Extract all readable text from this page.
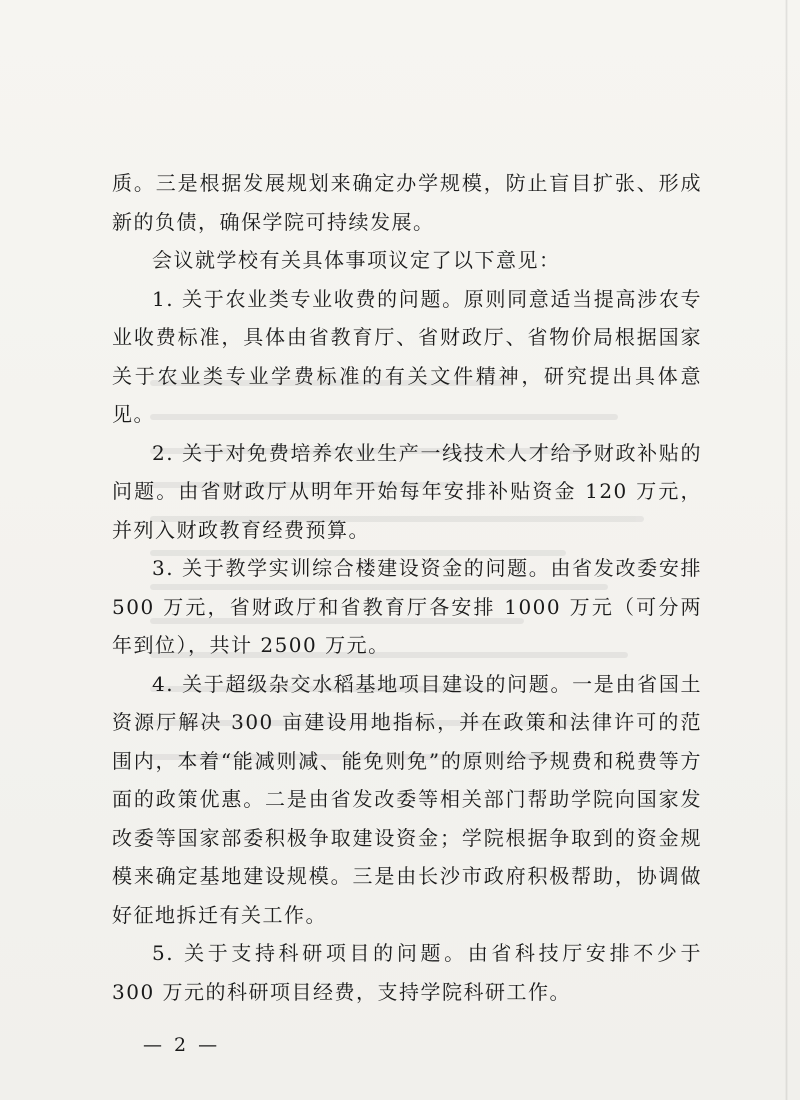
质。三是根据发展规划来确定办学规模，防止盲目扩张、形成新的负债，确保学院可持续发展。

会议就学校有关具体事项议定了以下意见：

1. 关于农业类专业收费的问题。原则同意适当提高涉农专业收费标准，具体由省教育厅、省财政厅、省物价局根据国家关于农业类专业学费标准的有关文件精神，研究提出具体意见。

2. 关于对免费培养农业生产一线技术人才给予财政补贴的问题。由省财政厅从明年开始每年安排补贴资金 120 万元，并列入财政教育经费预算。

3. 关于教学实训综合楼建设资金的问题。由省发改委安排 500 万元，省财政厅和省教育厅各安排 1000 万元（可分两年到位），共计 2500 万元。

4. 关于超级杂交水稻基地项目建设的问题。一是由省国土资源厅解决 300 亩建设用地指标，并在政策和法律许可的范围内，本着“能减则减、能免则免”的原则给予规费和税费等方面的政策优惠。二是由省发改委等相关部门帮助学院向国家发改委等国家部委积极争取建设资金；学院根据争取到的资金规模来确定基地建设规模。三是由长沙市政府积极帮助，协调做好征地拆迁有关工作。

5. 关于支持科研项目的问题。由省科技厅安排不少于 300 万元的科研项目经费，支持学院科研工作。

— 2 —
